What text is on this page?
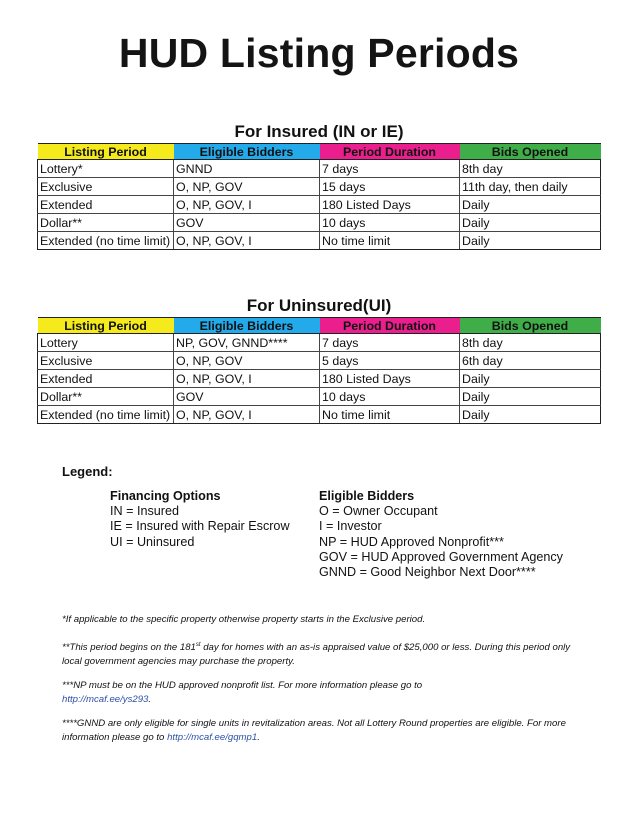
HUD Listing Periods
For Insured (IN or IE)
Listing Period	Eligible Bidders	Period Duration	Bids Opened
Lottery*	GNND	7 days	8th day
Exclusive	O, NP, GOV	15 days	11th day, then daily
Extended	O, NP, GOV, I	180 Listed Days	Daily
Dollar**	GOV	10 days	Daily
Extended (no time limit)	O, NP, GOV, I	No time limit	Daily
For Uninsured(UI)
Listing Period	Eligible Bidders	Period Duration	Bids Opened
Lottery	NP, GOV, GNND****	7 days	8th day
Exclusive	O, NP, GOV	5 days	6th day
Extended	O, NP, GOV, I	180 Listed Days	Daily
Dollar**	GOV	10 days	Daily
Extended (no time limit)	O, NP, GOV, I	No time limit	Daily
Legend:
Financing Options
IN = Insured
IE = Insured with Repair Escrow
UI = Uninsured
Eligible Bidders
O = Owner Occupant
I = Investor
NP = HUD Approved Nonprofit***
GOV = HUD Approved Government Agency
GNND = Good Neighbor Next Door****
*If applicable to the specific property otherwise property starts in the Exclusive period.
**This period begins on the 181st day for homes with an as-is appraised value of $25,000 or less. During this period only local government agencies may purchase the property.
***NP must be on the HUD approved nonprofit list. For more information please go to http://mcaf.ee/ys293.
****GNND are only eligible for single units in revitalization areas. Not all Lottery Round properties are eligible. For more information please go to http://mcaf.ee/gqmp1.
